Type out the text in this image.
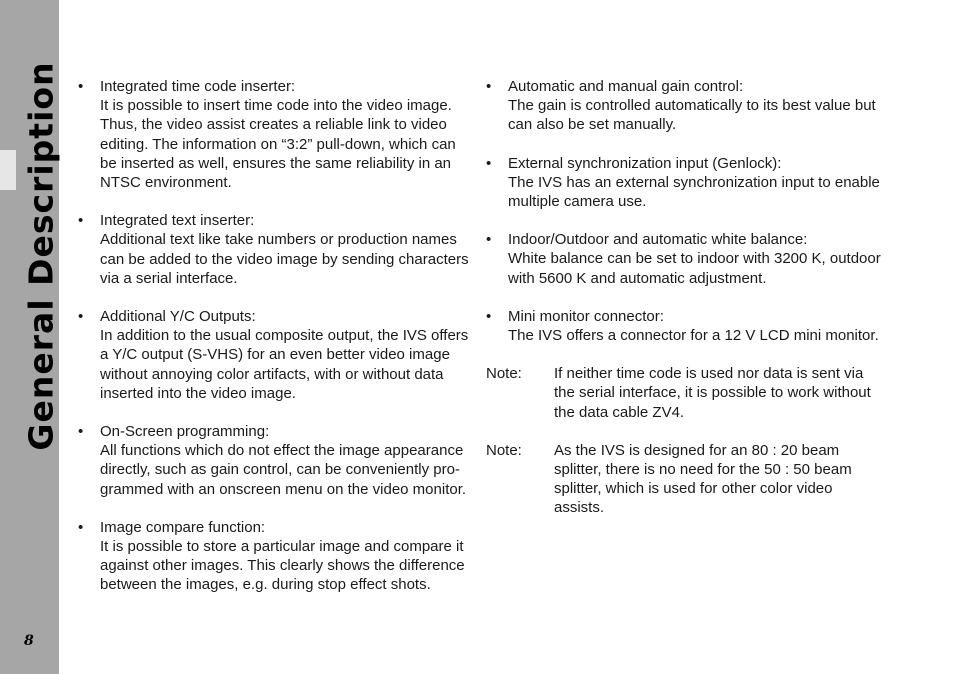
General Description
8
• Integrated time code inserter:
It is possible to insert time code into the video image. Thus, the video assist creates a reliable link to video editing. The information on “3:2” pull-down, which can be inserted as well, ensures the same reliability in an NTSC environment.
• Integrated text inserter:
Additional text like take numbers or production names can be added to the video image by sending characters via a serial interface.
• Additional Y/C Outputs:
In addition to the usual composite output, the IVS offers a Y/C output (S-VHS) for an even better video image without annoying color artifacts, with or without data inserted into the video image.
• On-Screen programming:
All functions which do not effect the image appearance directly, such as gain control, can be conveniently pro-grammed with an onscreen menu on the video monitor.
• Image compare function:
It is possible to store a particular image and compare it against other images. This clearly shows the difference between the images, e.g. during stop effect shots.
• Automatic and manual gain control:
The gain is controlled automatically to its best value but can also be set manually.
• External synchronization input (Genlock):
The IVS has an external synchronization input to enable multiple camera use.
• Indoor/Outdoor and automatic white balance:
White balance can be set to indoor with 3200 K, outdoor with 5600 K and automatic adjustment.
• Mini monitor connector:
The IVS offers a connector for a 12 V LCD mini monitor.
Note: If neither time code is used nor data is sent via the serial interface, it is possible to work without the data cable ZV4.
Note: As the IVS is designed for an 80 : 20 beam splitter, there is no need for the 50 : 50 beam splitter, which is used for other color video assists.
